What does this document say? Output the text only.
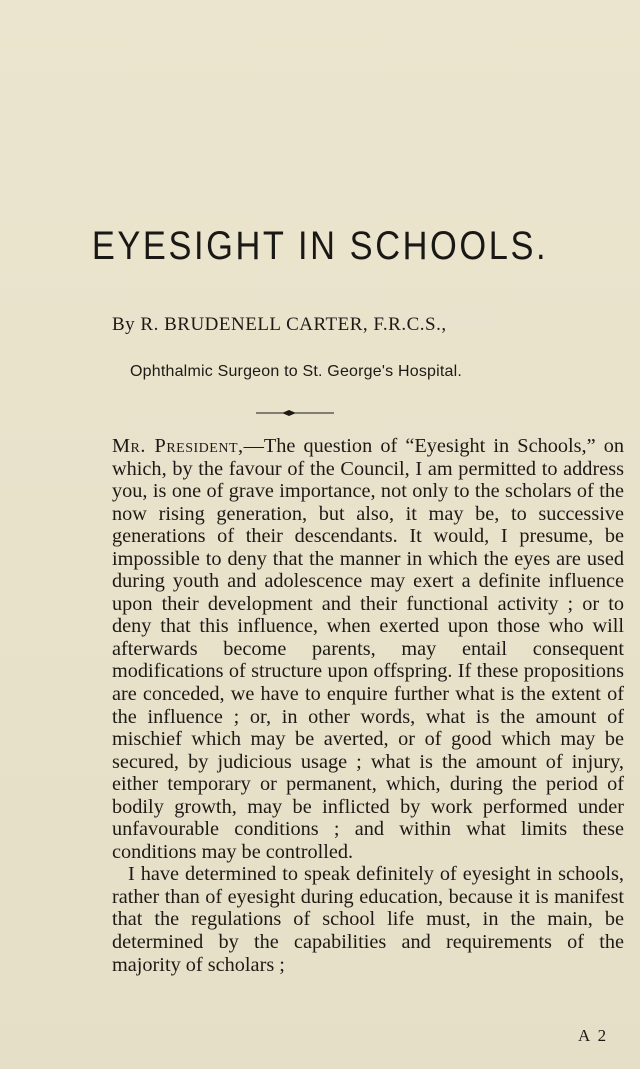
EYESIGHT IN SCHOOLS.
By R. BRUDENELL CARTER, F.R.C.S.,
Ophthalmic Surgeon to St. George's Hospital.

Mr. President,—The question of “Eyesight in Schools,” on which, by the favour of the Council, I am permitted to address you, is one of grave importance, not only to the scholars of the now rising generation, but also, it may be, to successive generations of their descendants. It would, I presume, be impossible to deny that the manner in which the eyes are used during youth and adolescence may exert a definite influence upon their development and their functional activity ; or to deny that this influence, when exerted upon those who will afterwards become parents, may entail consequent modifications of structure upon offspring. If these propositions are conceded, we have to enquire further what is the extent of the influence ; or, in other words, what is the amount of mischief which may be averted, or of good which may be secured, by judicious usage ; what is the amount of injury, either temporary or permanent, which, during the period of bodily growth, may be inflicted by work performed under unfavourable conditions ; and within what limits these conditions may be controlled.

I have determined to speak definitely of eyesight in schools, rather than of eyesight during education, because it is manifest that the regulations of school life must, in the main, be determined by the capabilities and requirements of the majority of scholars ;

A 2
